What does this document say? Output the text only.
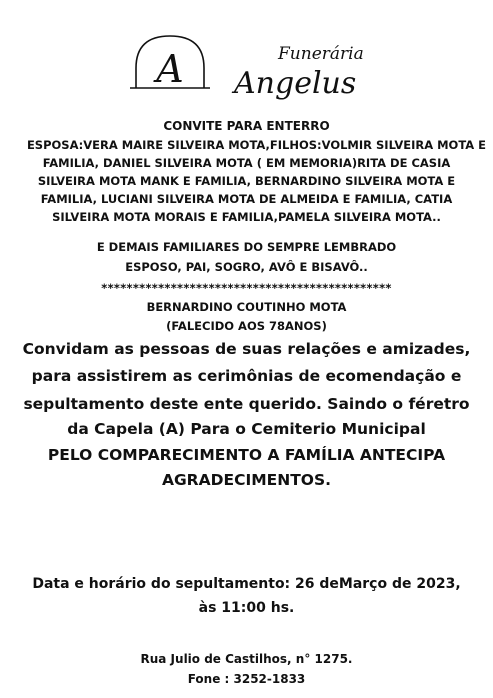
A	Funerária
Angelus
CONVITE PARA ENTERRO
ESPOSA:VERA MAIRE SILVEIRA MOTA,FILHOS:VOLMIR SILVEIRA MOTA E
FAMILIA, DANIEL SILVEIRA MOTA ( EM MEMORIA)RITA DE CASIA
SILVEIRA MOTA MANK E FAMILIA, BERNARDINO SILVEIRA MOTA E
FAMILIA, LUCIANI SILVEIRA MOTA DE ALMEIDA E FAMILIA, CATIA
SILVEIRA MOTA MORAIS E FAMILIA,PAMELA SILVEIRA MOTA..
E DEMAIS FAMILIARES DO SEMPRE LEMBRADO
ESPOSO, PAI, SOGRO, AVÔ E BISAVÔ..
**********************************************
BERNARDINO COUTINHO MOTA
(FALECIDO AOS 78ANOS)
Convidam as pessoas de suas relações e amizades,
para assistirem as cerimônias de ecomendação e
sepultamento deste ente querido. Saindo o féretro
da Capela (A) Para o Cemiterio Municipal
PELO COMPARECIMENTO A FAMÍLIA ANTECIPA
AGRADECIMENTOS.
Data e horário do sepultamento: 26 deMarço de 2023,
às 11:00 hs.
Rua Julio de Castilhos, n° 1275.
Fone : 3252-1833
